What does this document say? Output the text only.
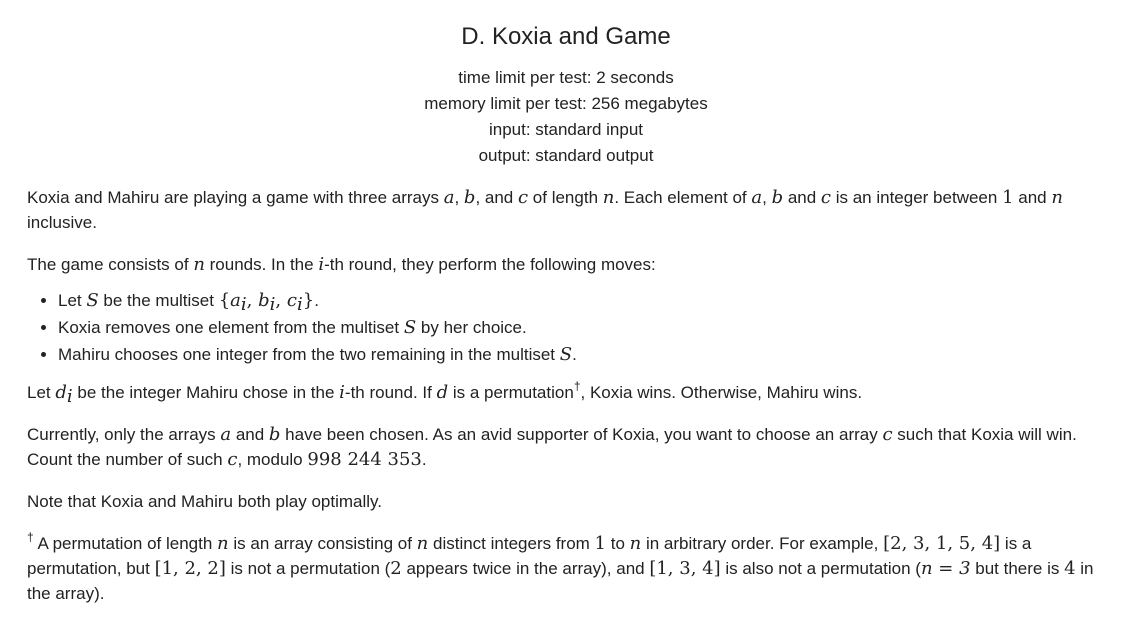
D. Koxia and Game
time limit per test: 2 seconds
memory limit per test: 256 megabytes
input: standard input
output: standard output

Koxia and Mahiru are playing a game with three arrays a, b, and c of length n. Each element of a, b and c is an integer between 1 and n inclusive.

The game consists of n rounds. In the i-th round, they perform the following moves:

• Let S be the multiset {$a_i$, $b_i$, $c_i$}.
• Koxia removes one element from the multiset S by her choice.
• Mahiru chooses one integer from the two remaining in the multiset S.

Let $d_i$ be the integer Mahiru chose in the i-th round. If d is a permutation†, Koxia wins. Otherwise, Mahiru wins.

Currently, only the arrays a and b have been chosen. As an avid supporter of Koxia, you want to choose an array c such that Koxia will win. Count the number of such c, modulo 998 244 353.

Note that Koxia and Mahiru both play optimally.

† A permutation of length n is an array consisting of n distinct integers from 1 to n in arbitrary order. For example, [2, 3, 1, 5, 4] is a permutation, but [1, 2, 2] is not a permutation (2 appears twice in the array), and [1, 3, 4] is also not a permutation (n = 3 but there is 4 in the array).
